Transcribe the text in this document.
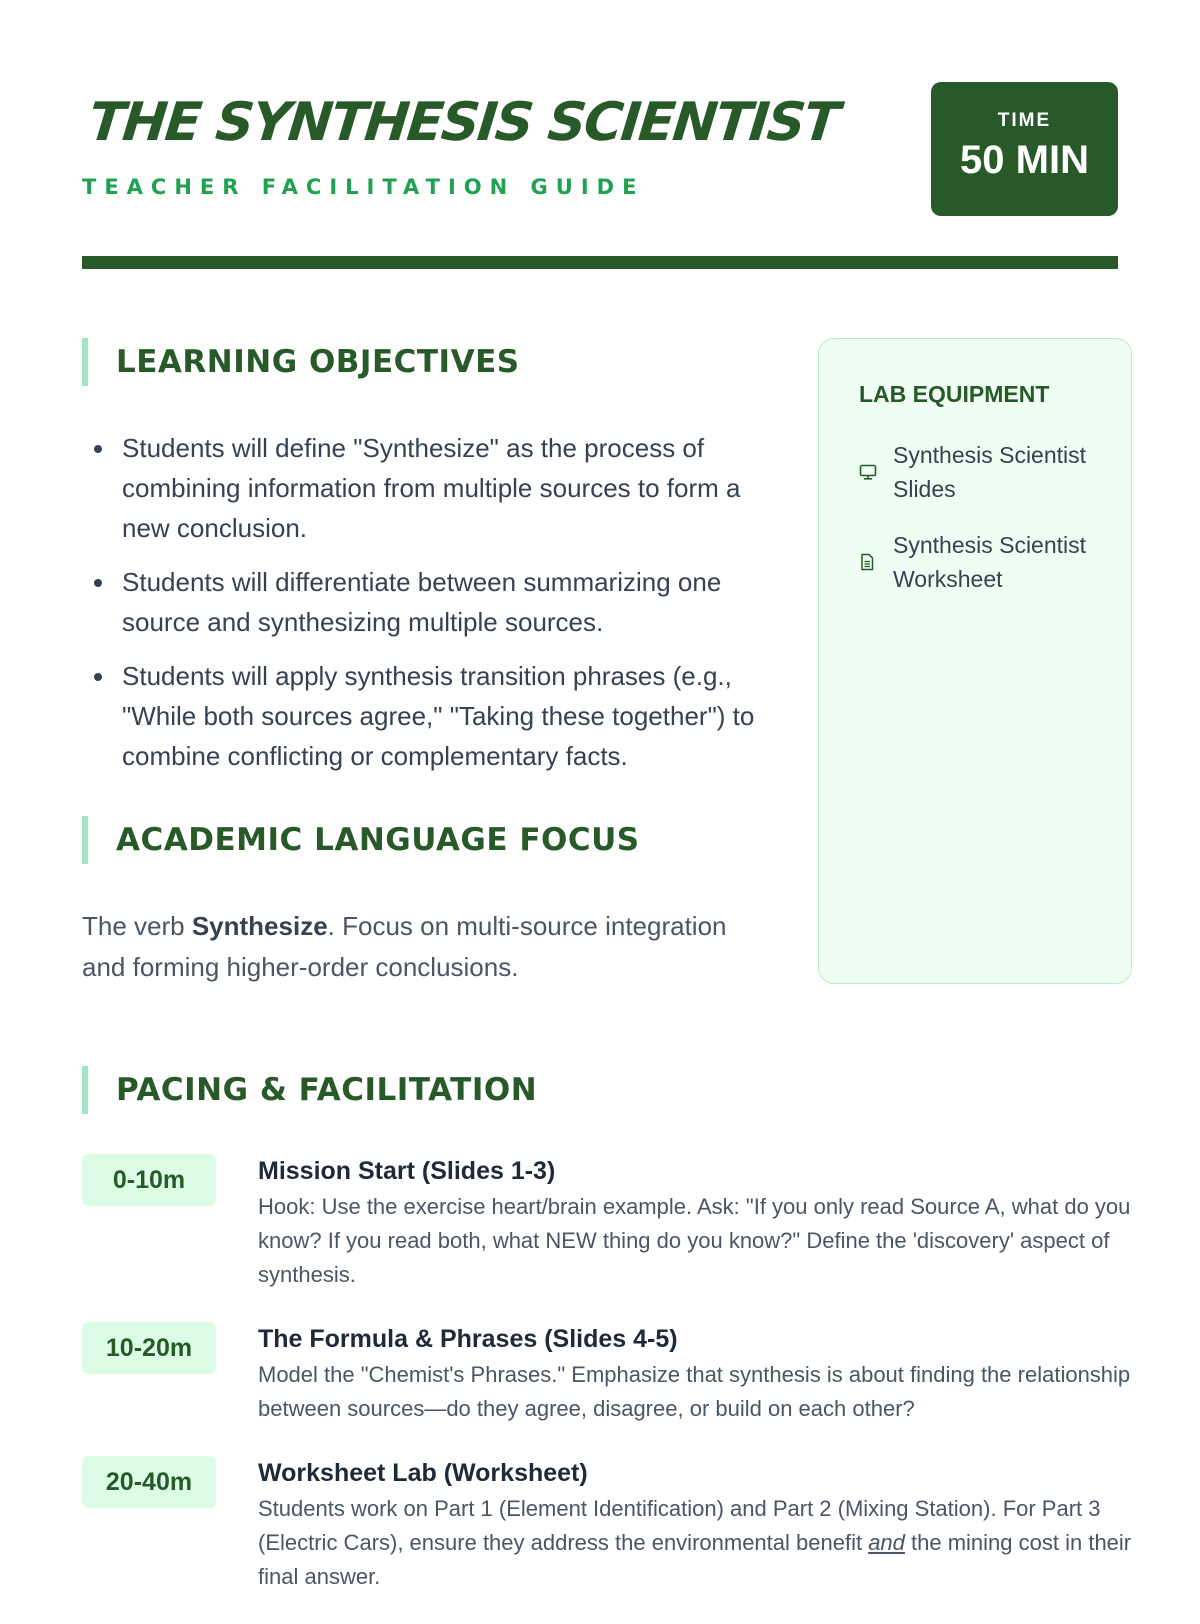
THE SYNTHESIS SCIENTIST
TEACHER FACILITATION GUIDE
TIME
50 MIN
LEARNING OBJECTIVES
Students will define "Synthesize" as the process of combining information from multiple sources to form a new conclusion.
Students will differentiate between summarizing one source and synthesizing multiple sources.
Students will apply synthesis transition phrases (e.g., "While both sources agree," "Taking these together") to combine conflicting or complementary facts.
ACADEMIC LANGUAGE FOCUS

The verb Synthesize. Focus on multi-source integration and forming higher-order conclusions.

LAB EQUIPMENT
Synthesis Scientist Slides
Synthesis Scientist Worksheet
PACING & FACILITATION
0-10m	Mission Start (Slides 1-3)
Hook: Use the exercise heart/brain example. Ask: "If you only read Source A, what do you know? If you read both, what NEW thing do you know?" Define the 'discovery' aspect of synthesis.
10-20m	The Formula & Phrases (Slides 4-5)
Model the "Chemist's Phrases." Emphasize that synthesis is about finding the relationship between sources—do they agree, disagree, or build on each other?
20-40m	Worksheet Lab (Worksheet)
Students work on Part 1 (Element Identification) and Part 2 (Mixing Station). For Part 3 (Electric Cars), ensure they address the environmental benefit and the mining cost in their final answer.
